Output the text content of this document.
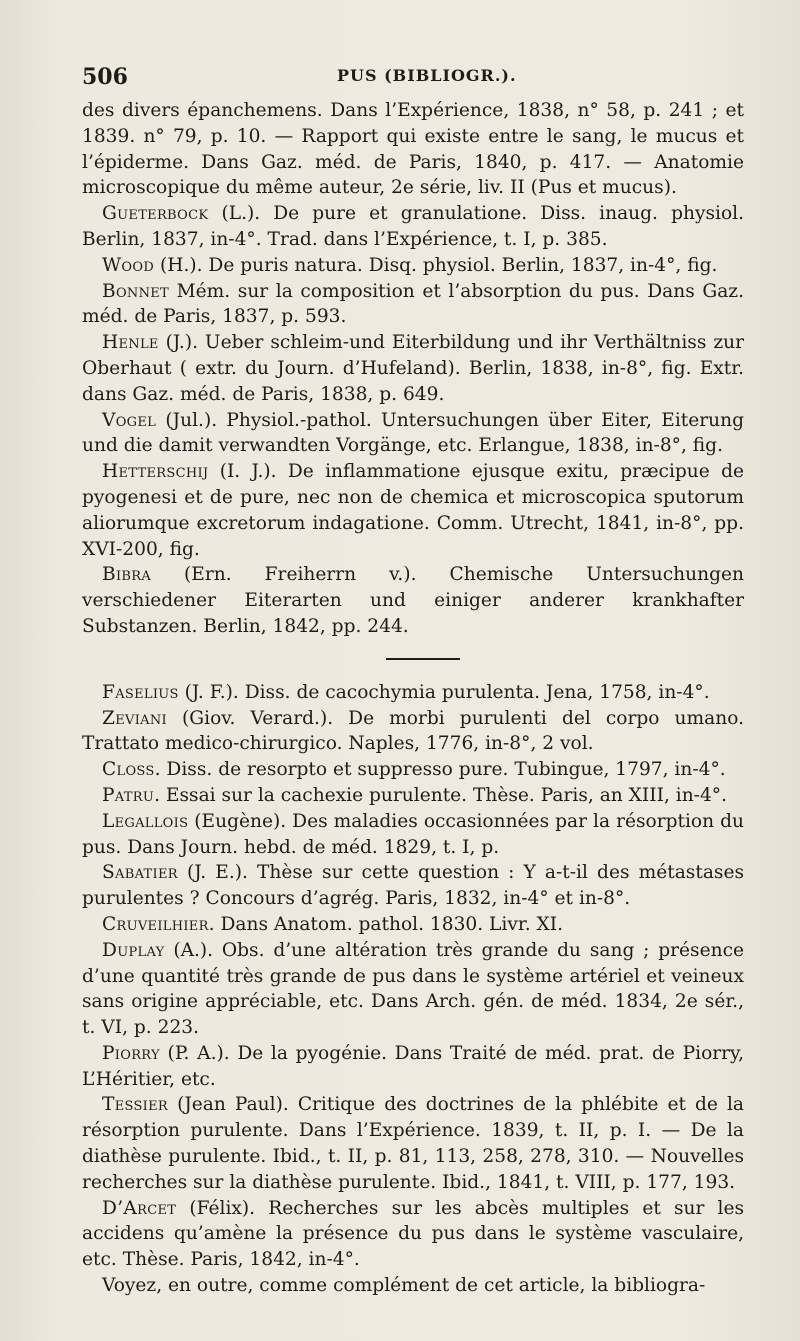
506	PUS (BIBLIOGR.).

des divers épanchemens. Dans l’Expérience, 1838, n° 58, p. 241 ; et 1839. n° 79, p. 10. — Rapport qui existe entre le sang, le mucus et l’épiderme. Dans Gaz. méd. de Paris, 1840, p. 417. — Anatomie microscopique du même auteur, 2e série, liv. II (Pus et mucus).

Gueterbock (L.). De pure et granulatione. Diss. inaug. physiol. Berlin, 1837, in-4°. Trad. dans l’Expérience, t. I, p. 385.

Wood (H.). De puris natura. Disq. physiol. Berlin, 1837, in-4°, fig.

Bonnet Mém. sur la composition et l’absorption du pus. Dans Gaz. méd. de Paris, 1837, p. 593.

Henle (J.). Ueber schleim-und Eiterbildung und ihr Verthältniss zur Oberhaut ( extr. du Journ. d’Hufeland). Berlin, 1838, in-8°, fig. Extr. dans Gaz. méd. de Paris, 1838, p. 649.

Vogel (Jul.). Physiol.-pathol. Untersuchungen über Eiter, Eiterung und die damit verwandten Vorgänge, etc. Erlangue, 1838, in-8°, fig.

Hetterschij (I. J.). De inflammatione ejusque exitu, præcipue de pyogenesi et de pure, nec non de chemica et microscopica sputorum aliorumque excretorum indagatione. Comm. Utrecht, 1841, in-8°, pp. XVI-200, fig.

Bibra (Ern. Freiherrn v.). Chemische Untersuchungen verschiedener Eiterarten und einiger anderer krankhafter Substanzen. Berlin, 1842, pp. 244.

Faselius (J. F.). Diss. de cacochymia purulenta. Jena, 1758, in-4°.

Zeviani (Giov. Verard.). De morbi purulenti del corpo umano. Trattato medico-chirurgico. Naples, 1776, in-8°, 2 vol.

Closs. Diss. de resorpto et suppresso pure. Tubingue, 1797, in-4°.

Patru. Essai sur la cachexie purulente. Thèse. Paris, an XIII, in-4°.

Legallois (Eugène). Des maladies occasionnées par la résorption du pus. Dans Journ. hebd. de méd. 1829, t. I, p.

Sabatier (J. E.). Thèse sur cette question : Y a-t-il des métastases purulentes ? Concours d’agrég. Paris, 1832, in-4° et in-8°.

Cruveilhier. Dans Anatom. pathol. 1830. Livr. XI.

Duplay (A.). Obs. d’une altération très grande du sang ; présence d’une quantité très grande de pus dans le système artériel et veineux sans origine appréciable, etc. Dans Arch. gén. de méd. 1834, 2e sér., t. VI, p. 223.

Piorry (P. A.). De la pyogénie. Dans Traité de méd. prat. de Piorry, L’Héritier, etc.

Tessier (Jean Paul). Critique des doctrines de la phlébite et de la résorption purulente. Dans l’Expérience. 1839, t. II, p. I. — De la diathèse purulente. Ibid., t. II, p. 81, 113, 258, 278, 310. — Nouvelles recherches sur la diathèse purulente. Ibid., 1841, t. VIII, p. 177, 193.

D’Arcet (Félix). Recherches sur les abcès multiples et sur les accidens qu’amène la présence du pus dans le système vasculaire, etc. Thèse. Paris, 1842, in-4°.

Voyez, en outre, comme complément de cet article, la bibliogra-
